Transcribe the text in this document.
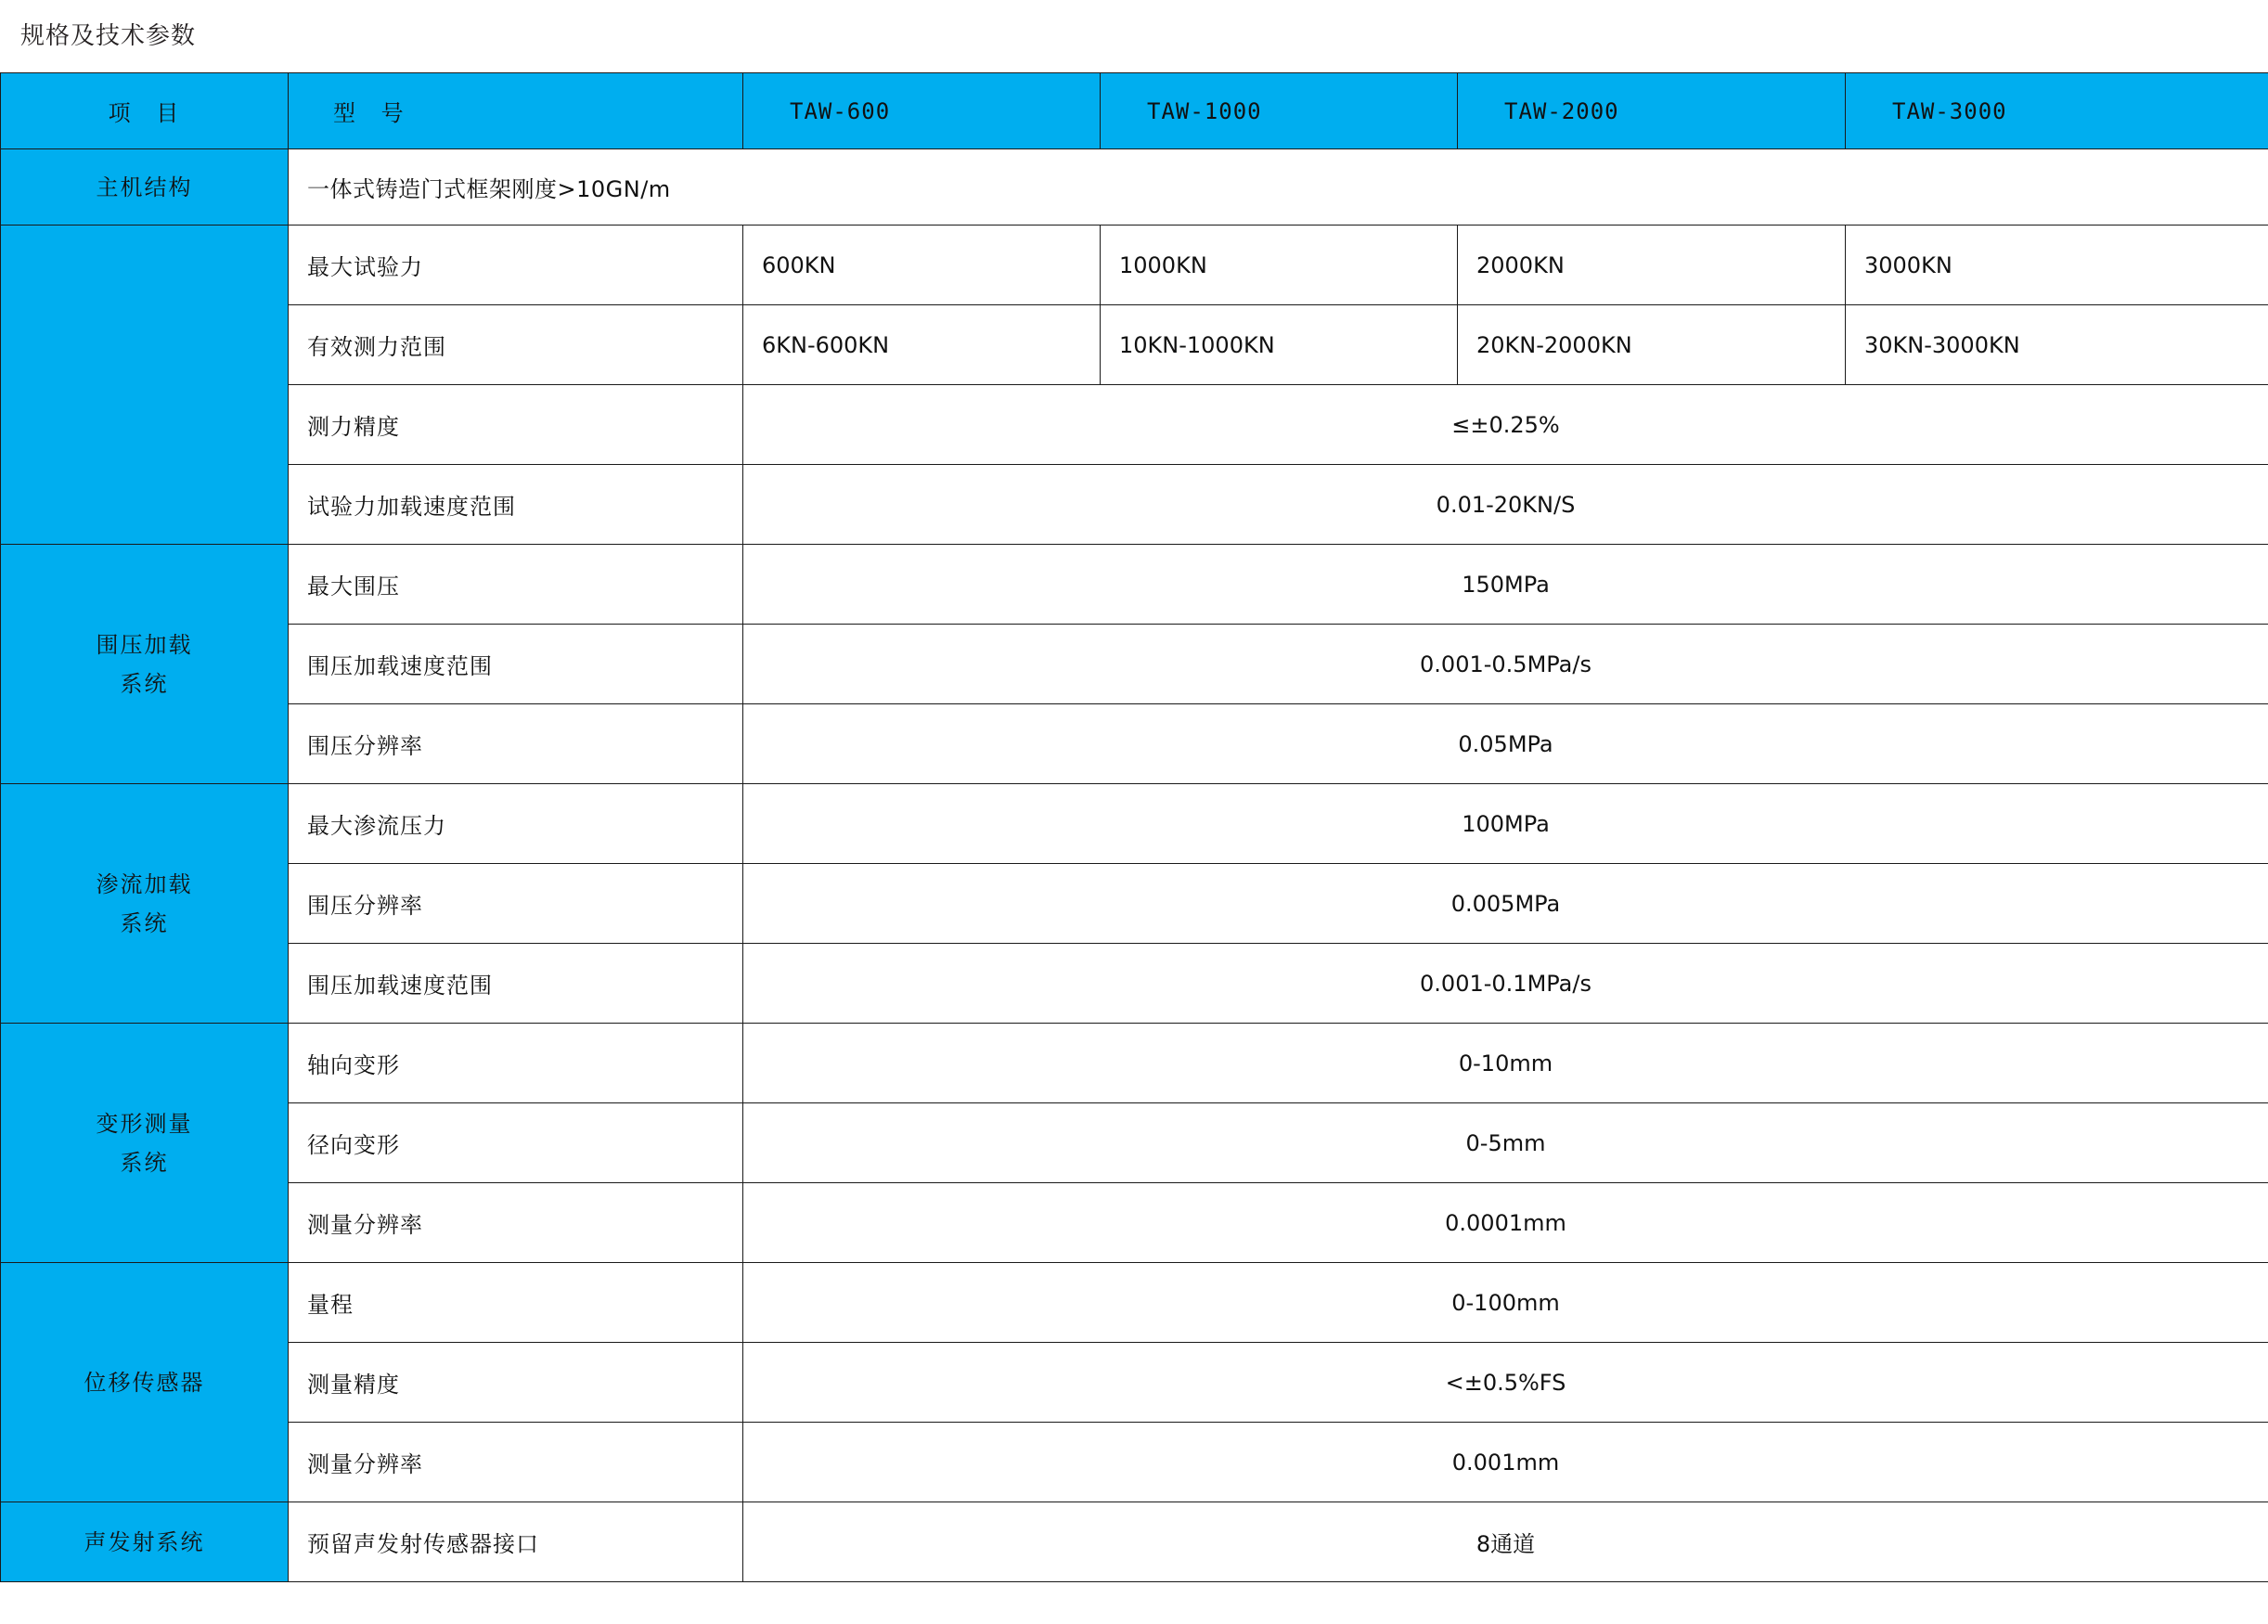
规格及技术参数
项 目	型 号	TAW-600	TAW-1000	TAW-2000	TAW-3000
主机结构	一体式铸造门式框架刚度>10GN/m				
	最大试验力	600KN	1000KN	2000KN	3000KN
	有效测力范围	6KN-600KN	10KN-1000KN	20KN-2000KN	30KN-3000KN
	测力精度	≤±0.25%			
	试验力加载速度范围	0.01-20KN/S			

围压加载
系统	最大围压	150MPa			
	围压加载速度范围	0.001-0.5MPa/s			
	围压分辨率	0.05MPa			

渗流加载
系统	最大渗流压力	100MPa			
	围压分辨率	0.005MPa			
	围压加载速度范围	0.001-0.1MPa/s			

变形测量
系统	轴向变形	0-10mm			
	径向变形	0-5mm			
	测量分辨率	0.0001mm			

位移传感器	量程	0-100mm			
	测量精度	<±0.5%FS			
	测量分辨率	0.001mm			
声发射系统	预留声发射传感器接口	8通道			
